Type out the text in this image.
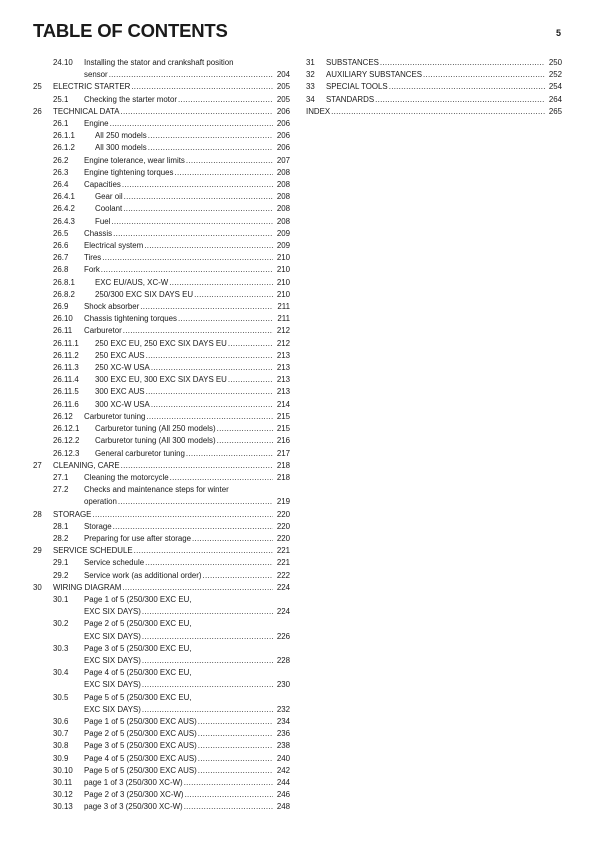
TABLE OF CONTENTS	5
24.10 Installing the stator and crankshaft position
sensor .....	204
25 ELECTRIC STARTER .....	205
25.1 Checking the starter motor .....	205
26 TECHNICAL DATA .....	206
26.1 Engine .....	206
26.1.1	All 250 models .....	206
26.1.2	All 300 models .....	206
26.2 Engine tolerance, wear limits .....	207
26.3 Engine tightening torques .....	208
26.4 Capacities .....	208
26.4.1	Gear oil .....	208
26.4.2	Coolant .....	208
26.4.3	Fuel .....	208
26.5 Chassis .....	209
26.6 Electrical system .....	209
26.7 Tires .....	210
26.8 Fork .....	210
26.8.1	EXC EU/AUS, XC-W .....	210
26.8.2	250/300 EXC SIX DAYS EU .....	210
26.9 Shock absorber .....	211
26.10 Chassis tightening torques .....	211
26.11 Carburetor .....	212
26.11.1 250 EXC EU, 250 EXC SIX DAYS EU .....	212
26.11.2 250 EXC AUS .....	213
26.11.3 250 XC-W USA .....	213
26.11.4 300 EXC EU, 300 EXC SIX DAYS EU .....	213
26.11.5 300 EXC AUS .....	213
26.11.6 300 XC-W USA .....	214
26.12 Carburetor tuning .....	215
26.12.1 Carburetor tuning (All 250 models) .....	215
26.12.2 Carburetor tuning (All 300 models) .....	216
26.12.3 General carburetor tuning .....	217
27 CLEANING, CARE .....	218
27.1 Cleaning the motorcycle .....	218
27.2 Checks and maintenance steps for winter
operation .....	219
28 STORAGE .....	220
28.1 Storage .....	220
28.2 Preparing for use after storage .....	220
29 SERVICE SCHEDULE .....	221
29.1 Service schedule .....	221
29.2 Service work (as additional order) .....	222
30 WIRING DIAGRAM .....	224
30.1 Page 1 of 5 (250/300 EXC EU,
EXC SIX DAYS) .....	224
30.2 Page 2 of 5 (250/300 EXC EU,
EXC SIX DAYS) .....	226
30.3 Page 3 of 5 (250/300 EXC EU,
EXC SIX DAYS) .....	228
30.4 Page 4 of 5 (250/300 EXC EU,
EXC SIX DAYS) .....	230
30.5 Page 5 of 5 (250/300 EXC EU,
EXC SIX DAYS) .....	232
30.6 Page 1 of 5 (250/300 EXC AUS) .....	234
30.7 Page 2 of 5 (250/300 EXC AUS) .....	236
30.8 Page 3 of 5 (250/300 EXC AUS) .....	238
30.9 Page 4 of 5 (250/300 EXC AUS) .....	240
30.10 Page 5 of 5 (250/300 EXC AUS) .....	242
30.11 page 1 of 3 (250/300 XC-W) .....	244
30.12 Page 2 of 3 (250/300 XC-W) .....	246
30.13 page 3 of 3 (250/300 XC-W) .....	248
31 SUBSTANCES .....	250
32 AUXILIARY SUBSTANCES .....	252
33 SPECIAL TOOLS .....	254
34 STANDARDS .....	264
INDEX .....	265
